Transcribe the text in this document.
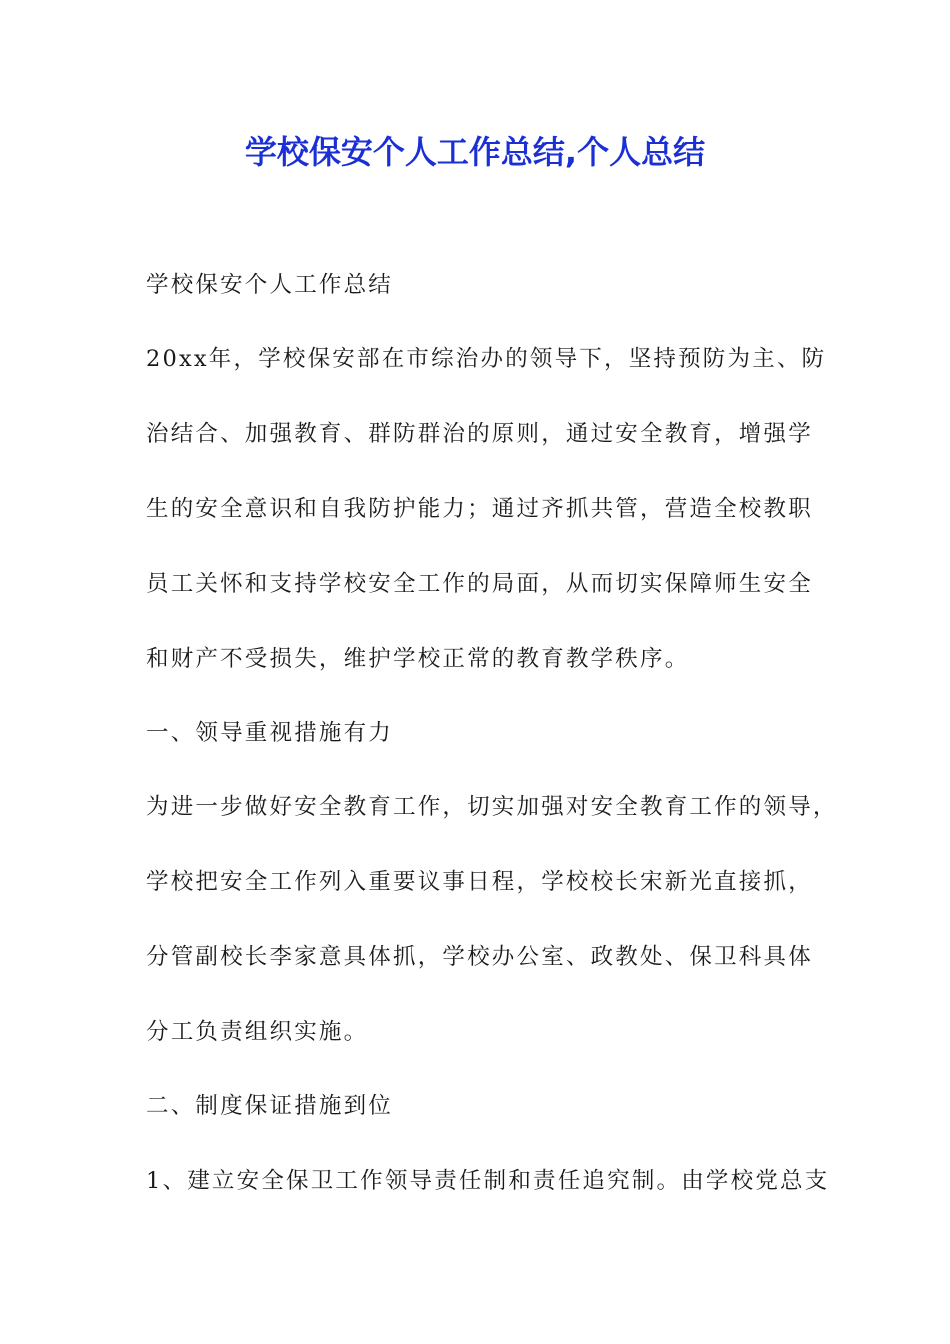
学校保安个人工作总结,个人总结
学校保安个人工作总结
20xx年，学校保安部在市综治办的领导下，坚持预防为主、防
治结合、加强教育、群防群治的原则，通过安全教育，增强学
生的安全意识和自我防护能力；通过齐抓共管，营造全校教职
员工关怀和支持学校安全工作的局面，从而切实保障师生安全
和财产不受损失，维护学校正常的教育教学秩序。
一、领导重视措施有力
为进一步做好安全教育工作，切实加强对安全教育工作的领导，
学校把安全工作列入重要议事日程，学校校长宋新光直接抓，
分管副校长李家意具体抓，学校办公室、政教处、保卫科具体
分工负责组织实施。
二、制度保证措施到位
1、建立安全保卫工作领导责任制和责任追究制。由学校党总支
